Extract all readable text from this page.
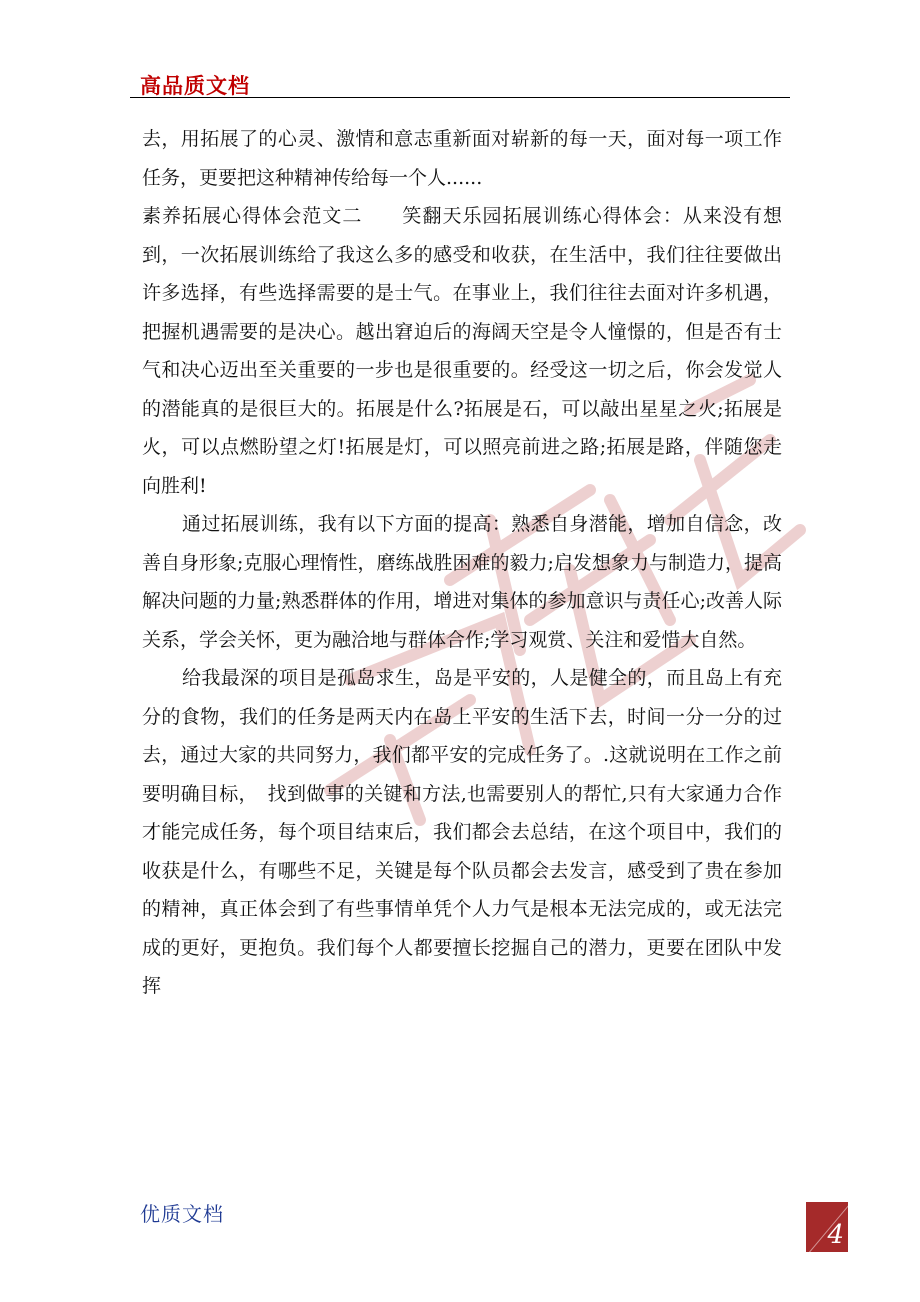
高品质文档

去，用拓展了的心灵、激情和意志重新面对崭新的每一天，面对每一项工作任务，更要把这种精神传给每一个人......

素养拓展心得体会范文二　　笑翻天乐园拓展训练心得体会：从来没有想到，一次拓展训练给了我这么多的感受和收获，在生活中，我们往往要做出许多选择，有些选择需要的是士气。在事业上，我们往往去面对许多机遇，把握机遇需要的是决心。越出窘迫后的海阔天空是令人憧憬的，但是否有士气和决心迈出至关重要的一步也是很重要的。经受这一切之后，你会发觉人的潜能真的是很巨大的。拓展是什么?拓展是石，可以敲出星星之火;拓展是火，可以点燃盼望之灯!拓展是灯，可以照亮前进之路;拓展是路，伴随您走向胜利!

通过拓展训练，我有以下方面的提高：熟悉自身潜能，增加自信念，改善自身形象;克服心理惰性，磨练战胜困难的毅力;启发想象力与制造力，提高解决问题的力量;熟悉群体的作用，增进对集体的参加意识与责任心;改善人际关系，学会关怀，更为融洽地与群体合作;学习观赏、关注和爱惜大自然。

给我最深的项目是孤岛求生，岛是平安的，人是健全的，而且岛上有充分的食物，我们的任务是两天内在岛上平安的生活下去，时间一分一分的过去，通过大家的共同努力，我们都平安的完成任务了。.这就说明在工作之前要明确目标，　找到做事的关键和方法,也需要别人的帮忙,只有大家通力合作才能完成任务，每个项目结束后，我们都会去总结，在这个项目中，我们的收获是什么，有哪些不足，关键是每个队员都会去发言，感受到了贵在参加的精神，真正体会到了有些事情单凭个人力气是根本无法完成的，或无法完成的更好，更抱负。我们每个人都要擅长挖掘自己的潜力，更要在团队中发挥

优质文档
4
